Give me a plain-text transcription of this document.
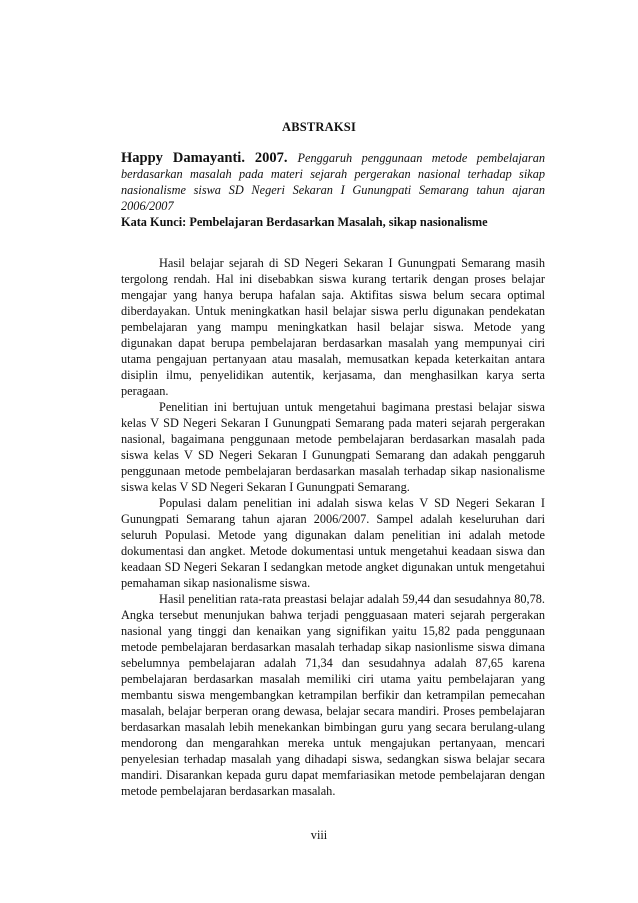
ABSTRAKSI
Happy Damayanti. 2007. Penggaruh penggunaan metode pembelajaran berdasarkan masalah pada materi sejarah pergerakan nasional terhadap sikap nasionalisme siswa SD Negeri Sekaran I Gunungpati Semarang tahun ajaran 2006/2007
Kata Kunci: Pembelajaran Berdasarkan Masalah, sikap nasionalisme

Hasil belajar sejarah di SD Negeri Sekaran I Gunungpati Semarang masih tergolong rendah. Hal ini disebabkan siswa kurang tertarik dengan proses belajar mengajar yang hanya berupa hafalan saja. Aktifitas siswa belum secara optimal diberdayakan. Untuk meningkatkan hasil belajar siswa perlu digunakan pendekatan pembelajaran yang mampu meningkatkan hasil belajar siswa. Metode yang digunakan dapat berupa pembelajaran berdasarkan masalah yang mempunyai ciri utama pengajuan pertanyaan atau masalah, memusatkan kepada keterkaitan antara disiplin ilmu, penyelidikan autentik, kerjasama, dan menghasilkan karya serta peragaan.

Penelitian ini bertujuan untuk mengetahui bagimana prestasi belajar siswa kelas V SD Negeri Sekaran I Gunungpati Semarang pada materi sejarah pergerakan nasional, bagaimana penggunaan metode pembelajaran berdasarkan masalah pada siswa kelas V SD Negeri Sekaran I Gunungpati Semarang dan adakah penggaruh penggunaan metode pembelajaran berdasarkan masalah terhadap sikap nasionalisme siswa kelas V SD Negeri Sekaran I Gunungpati Semarang.

Populasi dalam penelitian ini adalah siswa kelas V SD Negeri Sekaran I Gunungpati Semarang tahun ajaran 2006/2007. Sampel adalah keseluruhan dari seluruh Populasi. Metode yang digunakan dalam penelitian ini adalah metode dokumentasi dan angket. Metode dokumentasi untuk mengetahui keadaan siswa dan keadaan SD Negeri Sekaran I sedangkan metode angket digunakan untuk mengetahui pemahaman sikap nasionalisme siswa.

Hasil penelitian rata-rata preastasi belajar adalah 59,44 dan sesudahnya 80,78. Angka tersebut menunjukan bahwa terjadi pengguasaan materi sejarah pergerakan nasional yang tinggi dan kenaikan yang signifikan yaitu 15,82 pada penggunaan metode pembelajaran berdasarkan masalah terhadap sikap nasionlisme siswa dimana sebelumnya pembelajaran adalah 71,34 dan sesudahnya adalah 87,65 karena pembelajaran berdasarkan masalah memiliki ciri utama yaitu pembelajaran yang membantu siswa mengembangkan ketrampilan berfikir dan ketrampilan pemecahan masalah, belajar berperan orang dewasa, belajar secara mandiri. Proses pembelajaran berdasarkan masalah lebih menekankan bimbingan guru yang secara berulang-ulang mendorong dan mengarahkan mereka untuk mengajukan pertanyaan, mencari penyelesian terhadap masalah yang dihadapi siswa, sedangkan siswa belajar secara mandiri. Disarankan kepada guru dapat memfariasikan metode pembelajaran dengan metode pembelajaran berdasarkan masalah.

viii
